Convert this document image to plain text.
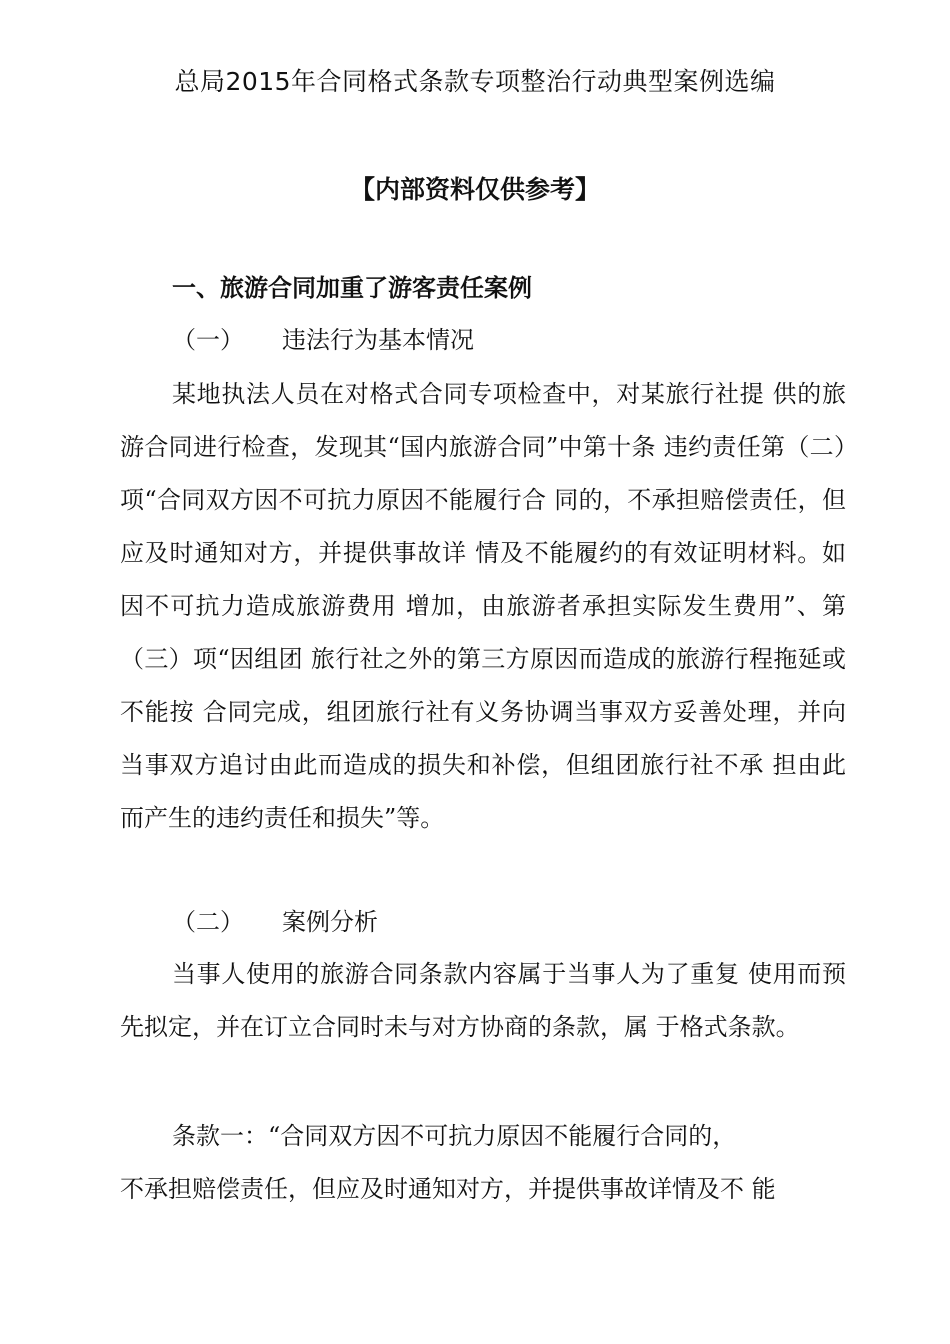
总局2015年合同格式条款专项整治行动典型案例选编
【内部资料仅供参考】
一、旅游合同加重了游客责任案例
（一） 违法行为基本情况
某地执法人员在对格式合同专项检查中，对某旅行社提 供的旅游合同进行检查，发现其“国内旅游合同”中第十条 违约责任第（二）项“合同双方因不可抗力原因不能履行合 同的，不承担赔偿责任，但应及时通知对方，并提供事故详 情及不能履约的有效证明材料。如因不可抗力造成旅游费用 增加，由旅游者承担实际发生费用”、第（三）项“因组团 旅行社之外的第三方原因而造成的旅游行程拖延或不能按 合同完成，组团旅行社有义务协调当事双方妥善处理，并向 当事双方追讨由此而造成的损失和补偿，但组团旅行社不承 担由此而产生的违约责任和损失”等。
（二） 案例分析
当事人使用的旅游合同条款内容属于当事人为了重复 使用而预先拟定，并在订立合同时未与对方协商的条款，属 于格式条款。
条款一：“合同双方因不可抗力原因不能履行合同的，
不承担赔偿责任，但应及时通知对方，并提供事故详情及不 能
